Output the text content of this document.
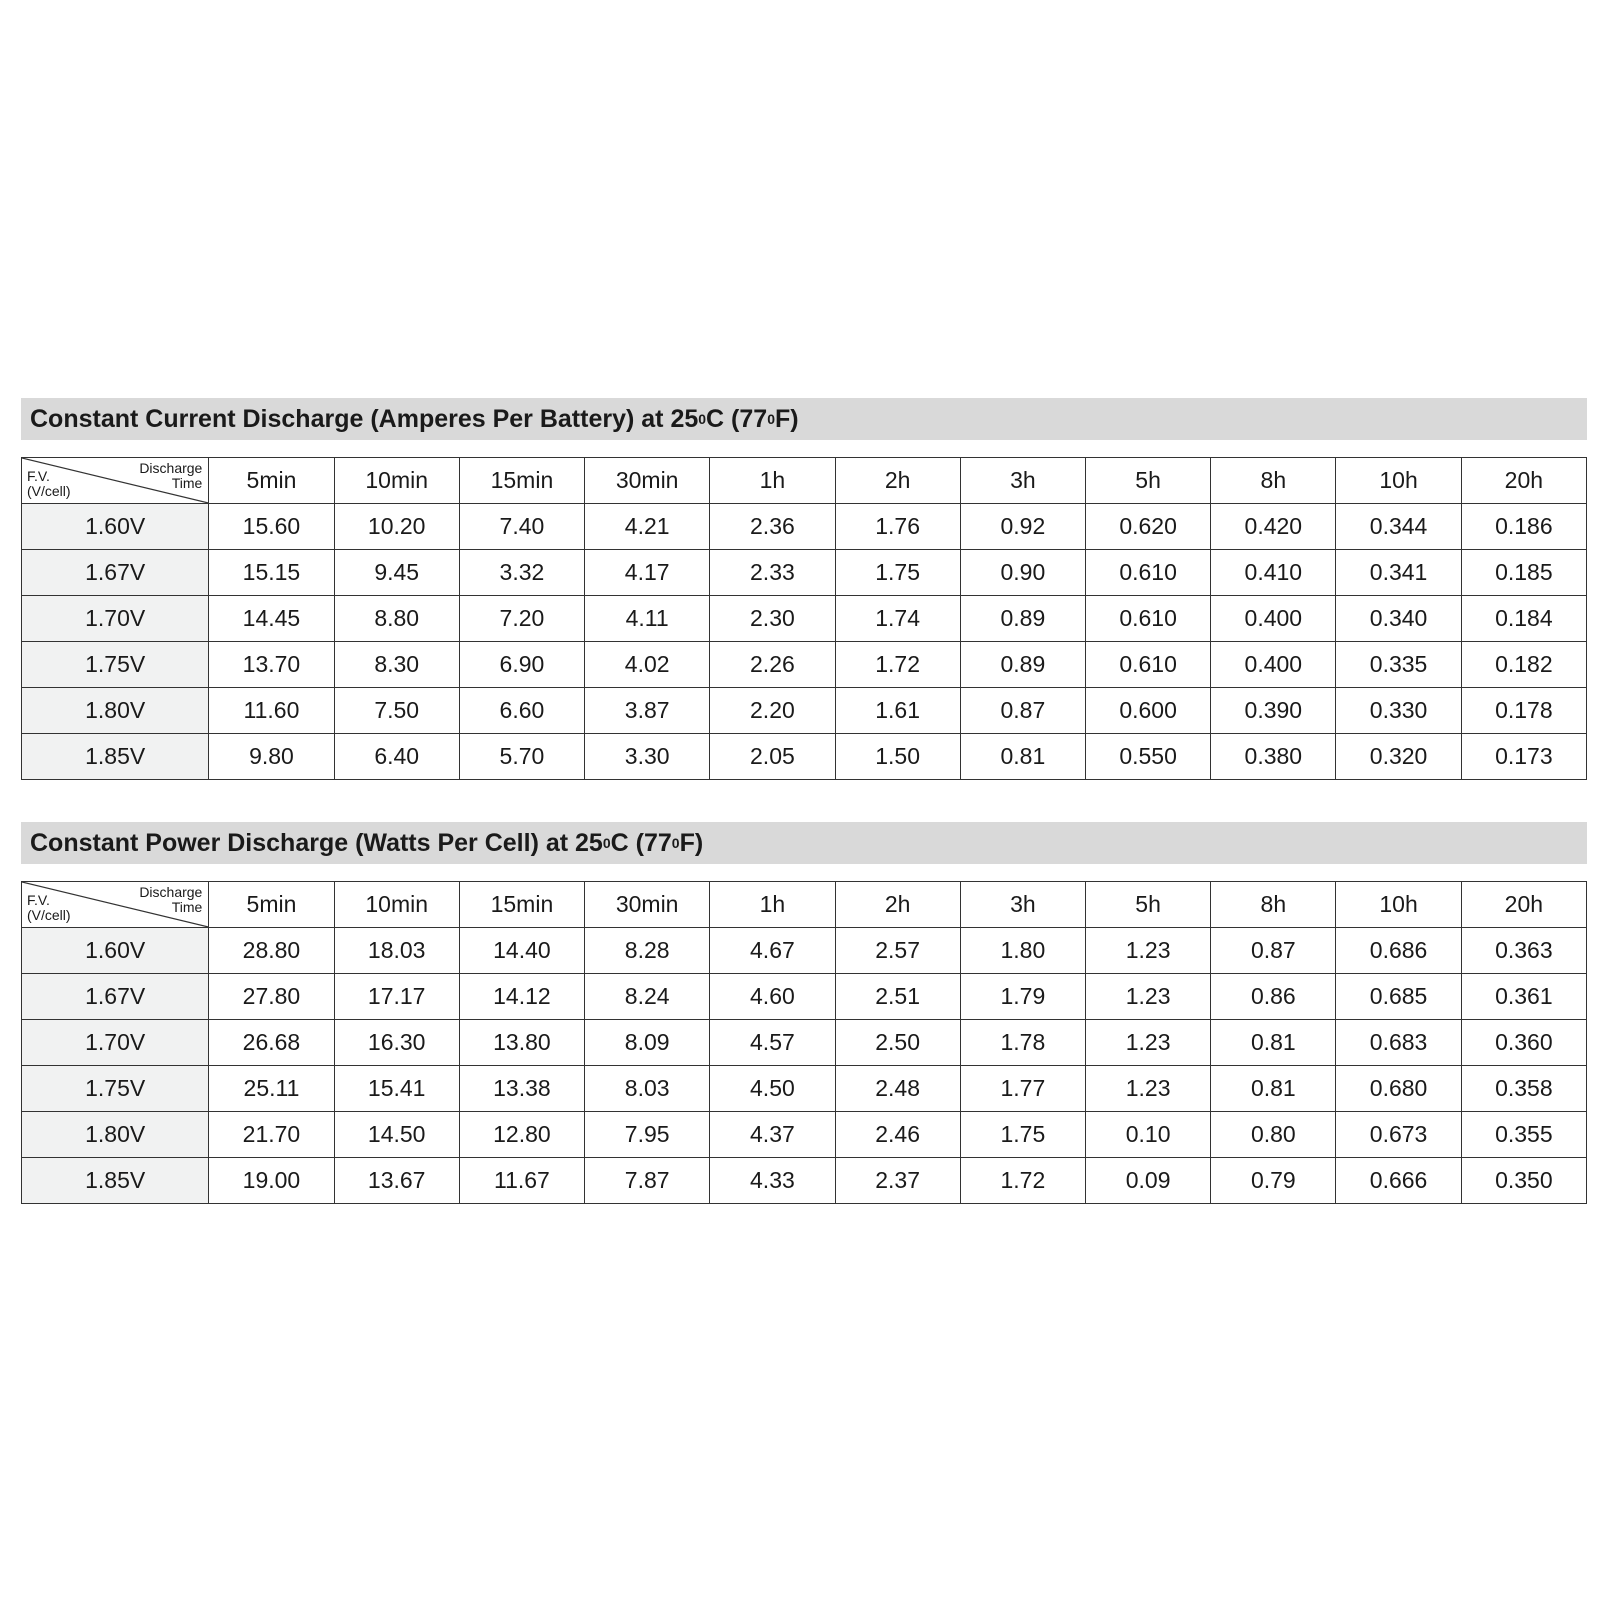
Constant Current Discharge (Amperes Per Battery) at 25 0 C (77 0 F)
Discharge
Time
F.V.
(V/cell)	5min	10min	15min	30min	1h	2h	3h	5h	8h	10h	20h
1.60V	15.60	10.20	7.40	4.21	2.36	1.76	0.92	0.620	0.420	0.344	0.186
1.67V	15.15	9.45	3.32	4.17	2.33	1.75	0.90	0.610	0.410	0.341	0.185
1.70V	14.45	8.80	7.20	4.11	2.30	1.74	0.89	0.610	0.400	0.340	0.184
1.75V	13.70	8.30	6.90	4.02	2.26	1.72	0.89	0.610	0.400	0.335	0.182
1.80V	11.60	7.50	6.60	3.87	2.20	1.61	0.87	0.600	0.390	0.330	0.178
1.85V	9.80	6.40	5.70	3.30	2.05	1.50	0.81	0.550	0.380	0.320	0.173
Constant Power Discharge (Watts Per Cell) at 25 0 C (77 0 F)
Discharge
Time
F.V.
(V/cell)	5min	10min	15min	30min	1h	2h	3h	5h	8h	10h	20h
1.60V	28.80	18.03	14.40	8.28	4.67	2.57	1.80	1.23	0.87	0.686	0.363
1.67V	27.80	17.17	14.12	8.24	4.60	2.51	1.79	1.23	0.86	0.685	0.361
1.70V	26.68	16.30	13.80	8.09	4.57	2.50	1.78	1.23	0.81	0.683	0.360
1.75V	25.11	15.41	13.38	8.03	4.50	2.48	1.77	1.23	0.81	0.680	0.358
1.80V	21.70	14.50	12.80	7.95	4.37	2.46	1.75	0.10	0.80	0.673	0.355
1.85V	19.00	13.67	11.67	7.87	4.33	2.37	1.72	0.09	0.79	0.666	0.350
